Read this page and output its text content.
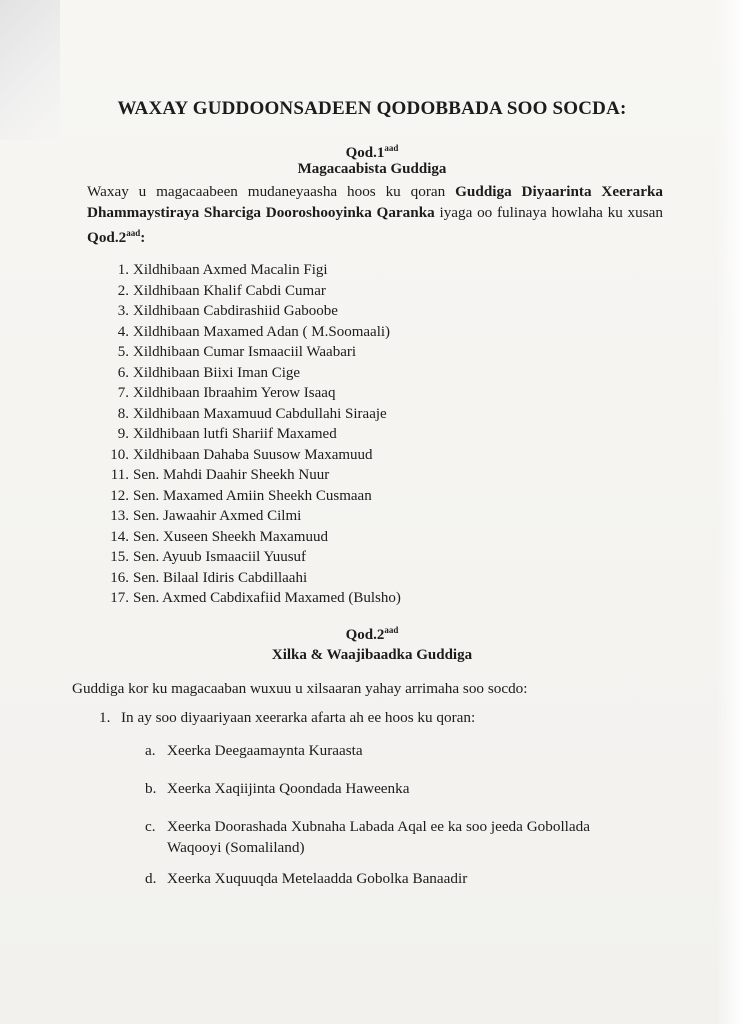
WAXAY GUDDOONSADEEN QODOBBADA SOO SOCDA:
Qod.1$^{aad}$
Magacaabista Guddiga
Waxay u magacaabeen mudaneyaasha hoos ku qoran Guddiga Diyaarinta Xeerarka Dhammaystiraya Sharciga Dooroshooyinka Qaranka iyaga oo fulinaya howlaha ku xusan Qod.2$^{aad}$:
1. Xildhibaan Axmed Macalin Figi
2. Xildhibaan Khalif Cabdi Cumar
3. Xildhibaan Cabdirashiid Gaboobe
4. Xildhibaan Maxamed Adan ( M.Soomaali)
5. Xildhibaan Cumar Ismaaciil Waabari
6. Xildhibaan Biixi Iman Cige
7. Xildhibaan Ibraahim Yerow Isaaq
8. Xildhibaan Maxamuud Cabdullahi Siraaje
9. Xildhibaan lutfi Shariif Maxamed
10. Xildhibaan Dahaba Suusow Maxamuud
11. Sen. Mahdi Daahir Sheekh Nuur
12. Sen. Maxamed Amiin Sheekh Cusmaan
13. Sen. Jawaahir Axmed Cilmi
14. Sen. Xuseen Sheekh Maxamuud
15. Sen. Ayuub Ismaaciil Yuusuf
16. Sen. Bilaal Idiris Cabdillaahi
17. Sen. Axmed Cabdixafiid Maxamed (Bulsho)
Qod.2$^{aad}$
Xilka & Waajibaadka Guddiga
Guddiga kor ku magacaaban wuxuu u xilsaaran yahay arrimaha soo socdo:
1. In ay soo diyaariyaan xeerarka afarta ah ee hoos ku qoran:
a. Xeerka Deegaamaynta Kuraasta
b. Xeerka Xaqiijinta Qoondada Haweenka
c. Xeerka Doorashada Xubnaha Labada Aqal ee ka soo jeeda Gobollada Waqooyi (Somaliland)
d. Xeerka Xuquuqda Metelaadda Gobolka Banaadir
